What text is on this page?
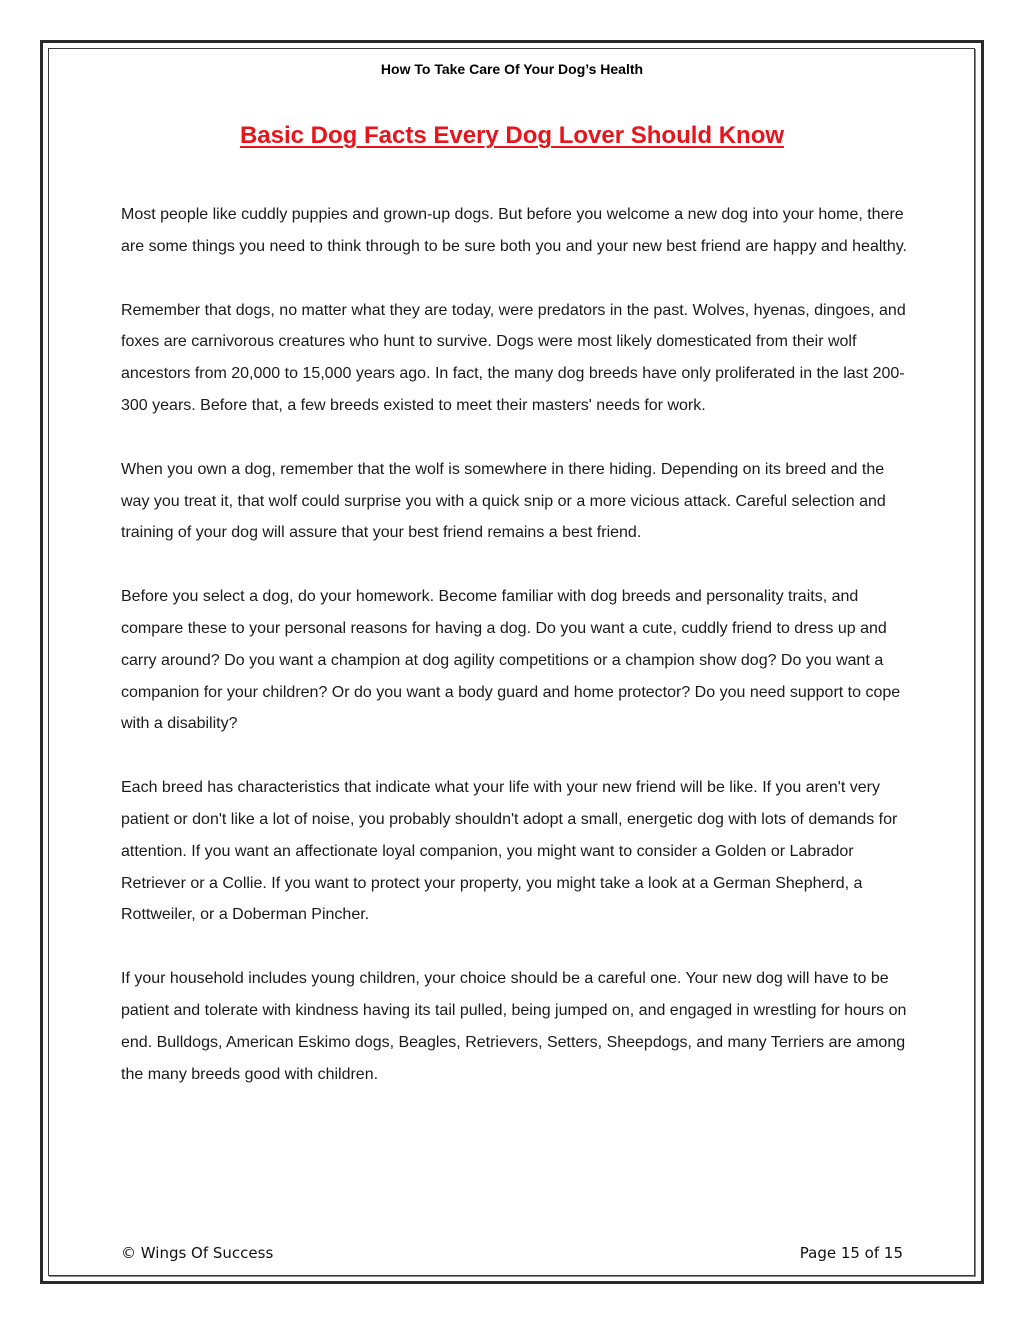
How To Take Care Of Your Dog’s Health
Basic Dog Facts Every Dog Lover Should Know

Most people like cuddly puppies and grown-up dogs. But before you welcome a new dog into your home, there are some things you need to think through to be sure both you and your new best friend are happy and healthy.

Remember that dogs, no matter what they are today, were predators in the past. Wolves, hyenas, dingoes, and foxes are carnivorous creatures who hunt to survive. Dogs were most likely domesticated from their wolf ancestors from 20,000 to 15,000 years ago. In fact, the many dog breeds have only proliferated in the last 200-300 years. Before that, a few breeds existed to meet their masters' needs for work.

When you own a dog, remember that the wolf is somewhere in there hiding. Depending on its breed and the way you treat it, that wolf could surprise you with a quick snip or a more vicious attack. Careful selection and training of your dog will assure that your best friend remains a best friend.

Before you select a dog, do your homework. Become familiar with dog breeds and personality traits, and compare these to your personal reasons for having a dog. Do you want a cute, cuddly friend to dress up and carry around? Do you want a champion at dog agility competitions or a champion show dog? Do you want a companion for your children? Or do you want a body guard and home protector? Do you need support to cope with a disability?

Each breed has characteristics that indicate what your life with your new friend will be like. If you aren't very patient or don't like a lot of noise, you probably shouldn't adopt a small, energetic dog with lots of demands for attention. If you want an affectionate loyal companion, you might want to consider a Golden or Labrador Retriever or a Collie. If you want to protect your property, you might take a look at a German Shepherd, a Rottweiler, or a Doberman Pincher.

If your household includes young children, your choice should be a careful one. Your new dog will have to be patient and tolerate with kindness having its tail pulled, being jumped on, and engaged in wrestling for hours on end. Bulldogs, American Eskimo dogs, Beagles, Retrievers, Setters, Sheepdogs, and many Terriers are among the many breeds good with children.

© Wings Of Success	Page 15 of 15
